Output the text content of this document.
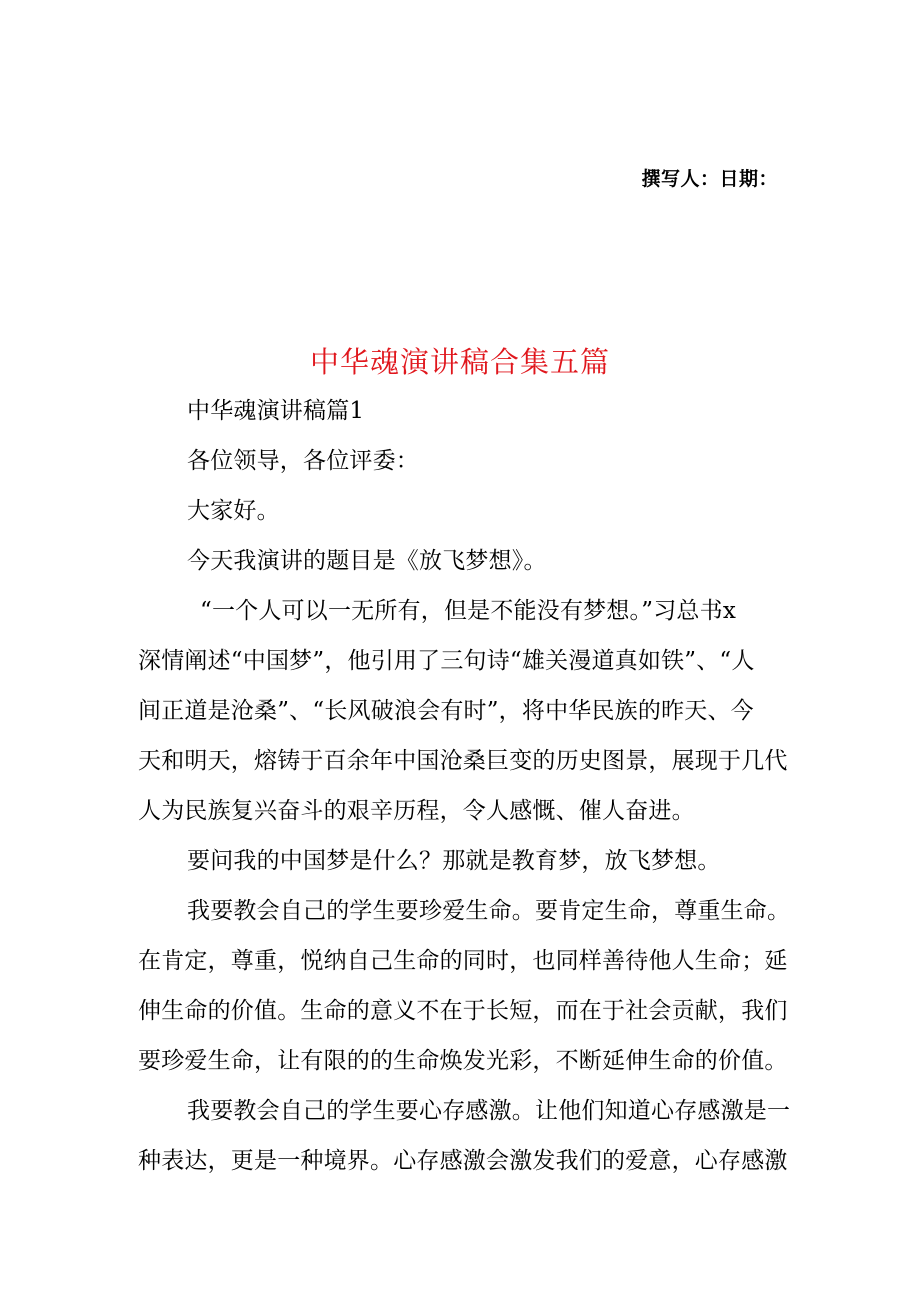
撰写人：日期：
中华魂演讲稿合集五篇
中华魂演讲稿篇1
各位领导，各位评委：
大家好。
今天我演讲的题目是《放飞梦想》。
“一个人可以一无所有，但是不能没有梦想。”习总书x
深情阐述“中国梦”，他引用了三句诗“雄关漫道真如铁”、“人
间正道是沧桑”、“长风破浪会有时”，将中华民族的昨天、今
天和明天，熔铸于百余年中国沧桑巨变的历史图景，展现于几代
人为民族复兴奋斗的艰辛历程，令人感慨、催人奋进。
要问我的中国梦是什么？那就是教育梦，放飞梦想。
我要教会自己的学生要珍爱生命。要肯定生命，尊重生命。
在肯定，尊重，悦纳自己生命的同时，也同样善待他人生命；延
伸生命的价值。生命的意义不在于长短，而在于社会贡献，我们
要珍爱生命，让有限的的生命焕发光彩，不断延伸生命的价值。
我要教会自己的学生要心存感激。让他们知道心存感激是一
种表达，更是一种境界。心存感激会激发我们的爱意，心存感激
